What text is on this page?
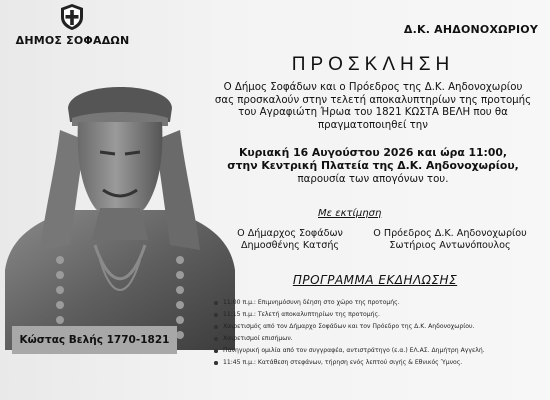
ΔΗΜΟΣ ΣΟΦΑΔΩΝ
Δ.Κ. ΑΗΔΟΝΟΧΩΡΙΟΥ
Κώστας Βελής 1770-1821
ΠΡΟΣΚΛΗΣΗ
Ο Δήμος Σοφάδων και ο Πρόεδρος της Δ.Κ. Αηδονοχωρίου
σας προσκαλούν στην τελετή αποκαλυπτηρίων της προτομής
του Αγραφιώτη Ήρωα του 1821 ΚΩΣΤΑ ΒΕΛΗ που θα
πραγματοποιηθεί την
Κυριακή 16 Αυγούστου 2026 και ώρα 11:00,
στην Κεντρική Πλατεία της Δ.Κ. Αηδονοχωρίου,
παρουσία των απογόνων του.
Με εκτίμηση
Ο Δήμαρχος Σοφάδων
Δημοσθένης Κατσής
Ο Πρόεδρος Δ.Κ. Αηδονοχωρίου
Σωτήριος Αντωνόπουλος
ΠΡΟΓΡΑΜΜΑ ΕΚΔΗΛΩΣΗΣ
11:00 π.μ.: Επιμνημόσυνη δέηση στο χώρο της προτομής.
11:15 π.μ.: Τελετή αποκαλυπτηρίων της προτομής.
Χαιρετισμός από τον Δήμαρχο Σοφάδων και τον Πρόεδρο της Δ.Κ. Αηδονοχωρίου.
Χαιρετισμοί επισήμων.
Πανηγυρική ομιλία από τον συγγραφέα, αντιστράτηγο (ε.α.) ΕΛ.ΑΣ. Δημήτρη Αγγελή.
11:45 π.μ.: Κατάθεση στεφάνων, τήρηση ενός λεπτού σιγής & Εθνικός Ύμνος.
